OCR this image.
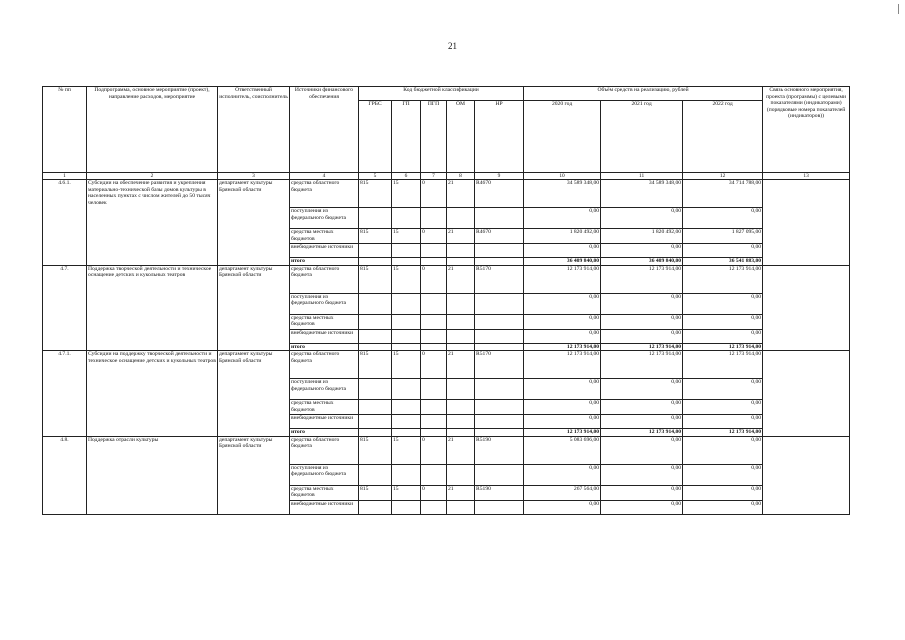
21
№ пп	Подпрограмма, основное мероприятие (проект), направление расходов, мероприятие	Ответственный исполнитель, соисполнитель	Источники финансового обеспечения	Код бюджетной классификации					Объём средств на реализацию, рублей			Связь основного мероприятия, проекта (программы) с целевыми показателями (индикаторами) (порядковые номера показателей (индикаторов))
				ГРБС	ГП	ПГП	ОМ	НР	2020 год	2021 год	2022 год	
1	2	3	4	5	6	7	8	9	10	11	12	13
4.6.1.	Субсидии на обеспечение развития и укрепления материально-технической базы домов культуры в населенных пунктах с числом жителей до 50 тысяч человек	департамент культуры Брянской области	средства областного бюджета	815	15	0	21	R4670	34 589 348,00	34 589 348,00	34 714 788,00	
			поступления из федерального бюджета						0,00	0,00	0,00	
			средства местных бюджетов	815	15	0	21	R4670	1 820 492,00	1 820 492,00	1 827 095,00	
			внебюджетные источники						0,00	0,00	0,00	
			итого						36 409 840,00	36 409 840,00	36 541 883,00	
4.7.	Поддержка творческой деятельности и техническое оснащение детских и кукольных театров	департамент культуры Брянской области	средства областного бюджета	815	15	0	21	R5170	12 173 914,00	12 173 914,00	12 173 914,00	
			поступления из федерального бюджета						0,00	0,00	0,00	
			средства местных бюджетов						0,00	0,00	0,00	
			внебюджетные источники						0,00	0,00	0,00	
			итого						12 173 914,00	12 173 914,00	12 173 914,00	
4.7.1.	Субсидии на поддержку творческой деятельности и техническое оснащение детских и кукольных театров	департамент культуры Брянской области	средства областного бюджета	815	15	0	21	R5170	12 173 914,00	12 173 914,00	12 173 914,00	
			поступления из федерального бюджета						0,00	0,00	0,00	
			средства местных бюджетов						0,00	0,00	0,00	
			внебюджетные источники						0,00	0,00	0,00	
			итого						12 173 914,00	12 173 914,00	12 173 914,00	
4.8.	Поддержка отрасли культуры	департамент культуры Брянской области	средства областного бюджета	815	15	0	21	R5190	5 083 696,00	0,00	0,00	
			поступления из федерального бюджета						0,00	0,00	0,00	
			средства местных бюджетов	815	15	0	21	R5190	267 564,00	0,00	0,00	
			внебюджетные источники						0,00	0,00	0,00	
